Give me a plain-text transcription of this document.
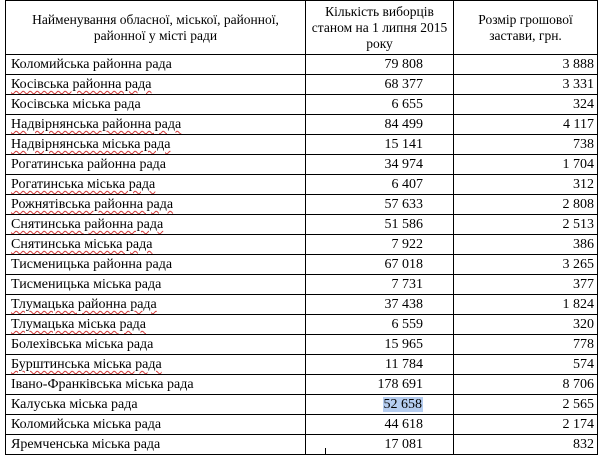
Найменування обласної, міської, районної, районної у місті ради	Кількість виборців станом на 1 липня 2015 року	Розмір грошової застави, грн.
Коломийська районна рада	79 808	3 888
Косівська районна рада	68 377	3 331
Косівська міська рада	6 655	324
Надвірнянська районна рада	84 499	4 117
Надвірнянська міська рада	15 141	738
Рогатинська районна рада	34 974	1 704
Рогатинська міська рада	6 407	312
Рожнятівська районна рада	57 633	2 808
Снятинська районна рада	51 586	2 513
Снятинська міська рада	7 922	386
Тисменицька районна рада	67 018	3 265
Тисменицька міська рада	7 731	377
Тлумацька районна рада	37 438	1 824
Тлумацька міська рада	6 559	320
Болехівська міська рада	15 965	778
Бурштинська міська рада	11 784	574
Івано-Франківська міська рада	178 691	8 706
Калуська міська рада	52 658	2 565
Коломийська міська рада	44 618	2 174
Яремченська міська рада	17 081	832
